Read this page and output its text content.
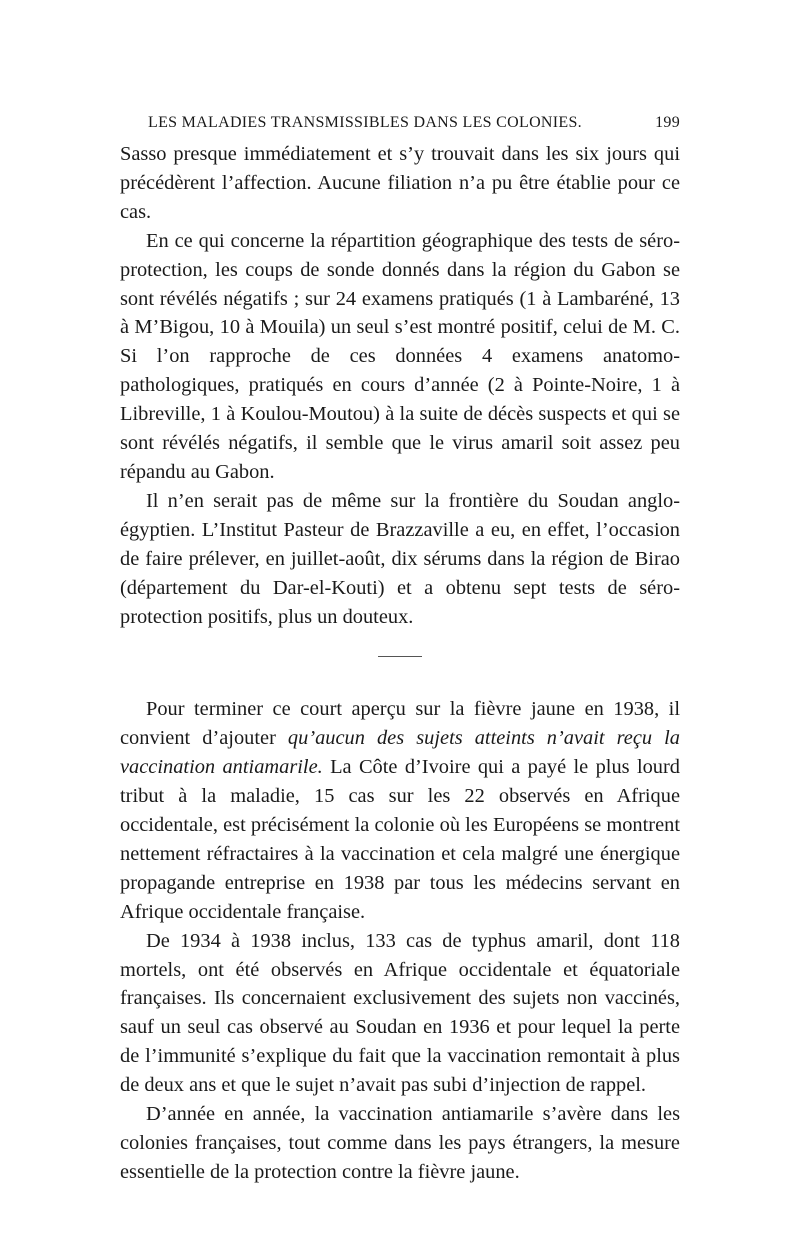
LES MALADIES TRANSMISSIBLES DANS LES COLONIES.	199

Sasso presque immédiatement et s’y trouvait dans les six jours qui précédèrent l’affection. Aucune filiation n’a pu être établie pour ce cas.

En ce qui concerne la répartition géographique des tests de séro-protection, les coups de sonde donnés dans la région du Gabon se sont révélés négatifs ; sur 24 examens pratiqués (1 à Lambaréné, 13 à M’Bigou, 10 à Mouila) un seul s’est montré positif, celui de M. C. Si l’on rapproche de ces données 4 examens anatomo-pathologiques, pratiqués en cours d’année (2 à Pointe-Noire, 1 à Libreville, 1 à Koulou-Moutou) à la suite de décès suspects et qui se sont révélés négatifs, il semble que le virus amaril soit assez peu répandu au Gabon.

Il n’en serait pas de même sur la frontière du Soudan anglo-égyptien. L’Institut Pasteur de Brazzaville a eu, en effet, l’occasion de faire prélever, en juillet-août, dix sérums dans la région de Birao (département du Dar-el-Kouti) et a obtenu sept tests de séro-protection positifs, plus un douteux.

Pour terminer ce court aperçu sur la fièvre jaune en 1938, il convient d’ajouter qu’aucun des sujets atteints n’avait reçu la vaccination antiamarile. La Côte d’Ivoire qui a payé le plus lourd tribut à la maladie, 15 cas sur les 22 observés en Afrique occidentale, est précisément la colonie où les Européens se montrent nettement réfractaires à la vaccination et cela malgré une énergique propagande entreprise en 1938 par tous les médecins servant en Afrique occidentale française.

De 1934 à 1938 inclus, 133 cas de typhus amaril, dont 118 mortels, ont été observés en Afrique occidentale et équatoriale françaises. Ils concernaient exclusivement des sujets non vaccinés, sauf un seul cas observé au Soudan en 1936 et pour lequel la perte de l’immunité s’explique du fait que la vaccination remontait à plus de deux ans et que le sujet n’avait pas subi d’injection de rappel.

D’année en année, la vaccination antiamarile s’avère dans les colonies françaises, tout comme dans les pays étrangers, la mesure essentielle de la protection contre la fièvre jaune.
